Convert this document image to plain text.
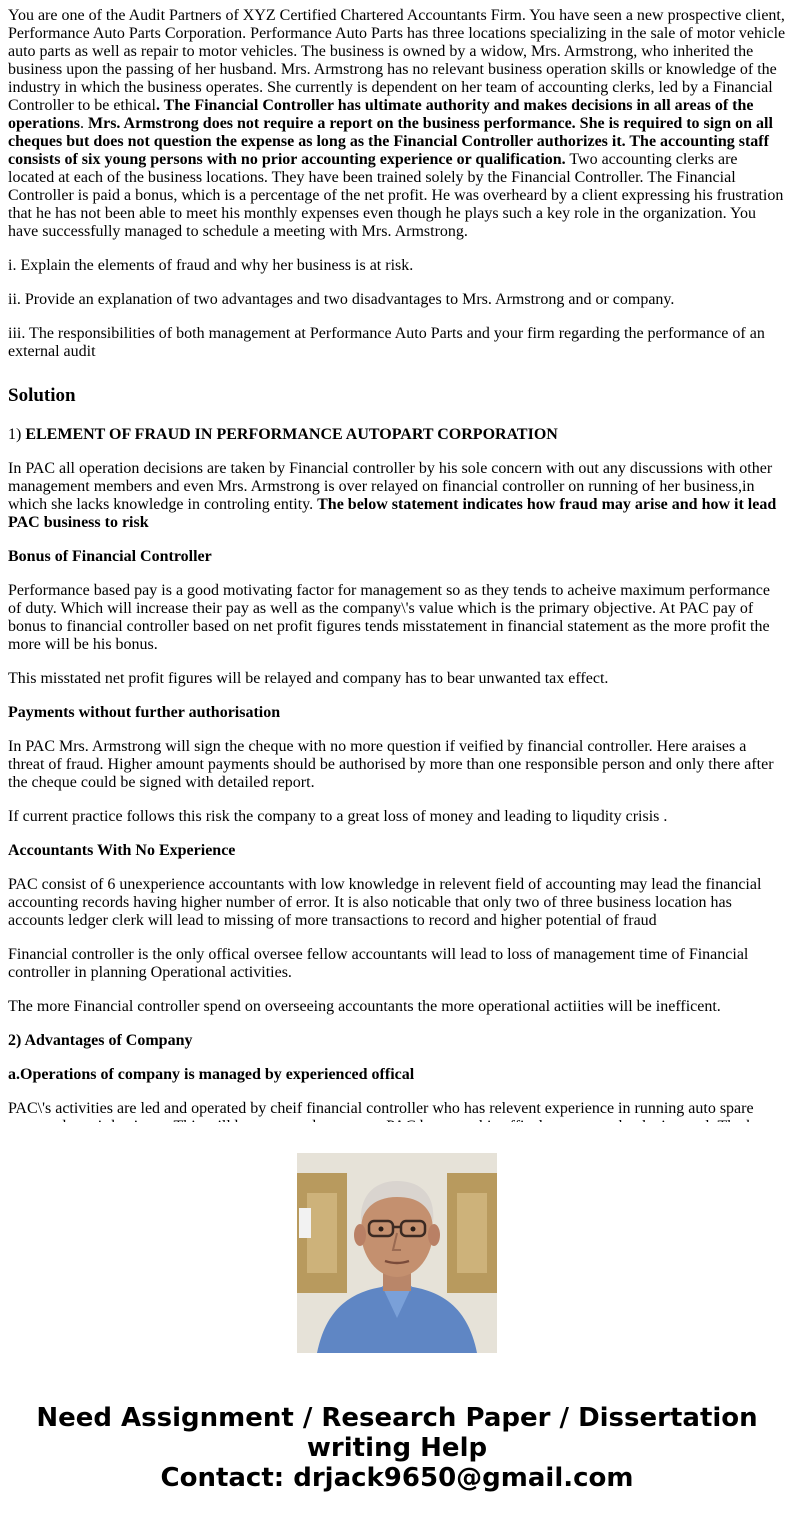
You are one of the Audit Partners of XYZ Certified Chartered Accountants Firm. You have seen a new prospective client, Performance Auto Parts Corporation. Performance Auto Parts has three locations specializing in the sale of motor vehicle auto parts as well as repair to motor vehicles. The business is owned by a widow, Mrs. Armstrong, who inherited the business upon the passing of her husband. Mrs. Armstrong has no relevant business operation skills or knowledge of the industry in which the business operates. She currently is dependent on her team of accounting clerks, led by a Financial Controller to be ethical. The Financial Controller has ultimate authority and makes decisions in all areas of the operations. Mrs. Armstrong does not require a report on the business performance. She is required to sign on all cheques but does not question the expense as long as the Financial Controller authorizes it. The accounting staff consists of six young persons with no prior accounting experience or qualification. Two accounting clerks are located at each of the business locations. They have been trained solely by the Financial Controller. The Financial Controller is paid a bonus, which is a percentage of the net profit. He was overheard by a client expressing his frustration that he has not been able to meet his monthly expenses even though he plays such a key role in the organization. You have successfully managed to schedule a meeting with Mrs. Armstrong.

i. Explain the elements of fraud and why her business is at risk.

ii. Provide an explanation of two advantages and two disadvantages to Mrs. Armstrong and or company.

iii. The responsibilities of both management at Performance Auto Parts and your firm regarding the performance of an external audit

Solution

1) ELEMENT OF FRAUD IN PERFORMANCE AUTOPART CORPORATION

In PAC all operation decisions are taken by Financial controller by his sole concern with out any discussions with other management members and even Mrs. Armstrong is over relayed on financial controller on running of her business,in which she lacks knowledge in controling entity. The below statement indicates how fraud may arise and how it lead PAC business to risk

Bonus of Financial Controller

Performance based pay is a good motivating factor for management so as they tends to acheive maximum performance of duty. Which will increase their pay as well as the company\'s value which is the primary objective. At PAC pay of bonus to financial controller based on net profit figures tends misstatement in financial statement as the more profit the more will be his bonus.

This misstated net profit figures will be relayed and company has to bear unwanted tax effect.

Payments without further authorisation

In PAC Mrs. Armstrong will sign the cheque with no more question if veified by financial controller. Here araises a threat of fraud. Higher amount payments should be authorised by more than one responsible person and only there after the cheque could be signed with detailed report.

If current practice follows this risk the company to a great loss of money and leading to liqudity crisis .

Accountants With No Experience

PAC consist of 6 unexperience accountants with low knowledge in relevent field of accounting may lead the financial accounting records having higher number of error. It is also noticable that only two of three business location has accounts ledger clerk will lead to missing of more transactions to record and higher potential of fraud

Financial controller is the only offical oversee fellow accountants will lead to loss of management time of Financial controller in planning Operational activities.

The more Financial controller spend on overseeing accountants the more operational actiities will be inefficent.

2) Advantages of Company

a.Operations of company is managed by experienced offical

PAC\'s activities are led and operated by cheif financial controller who has relevent experience in running auto spare

Need Assignment / Research Paper / Dissertation
writing Help
Contact: drjack9650@gmail.com
